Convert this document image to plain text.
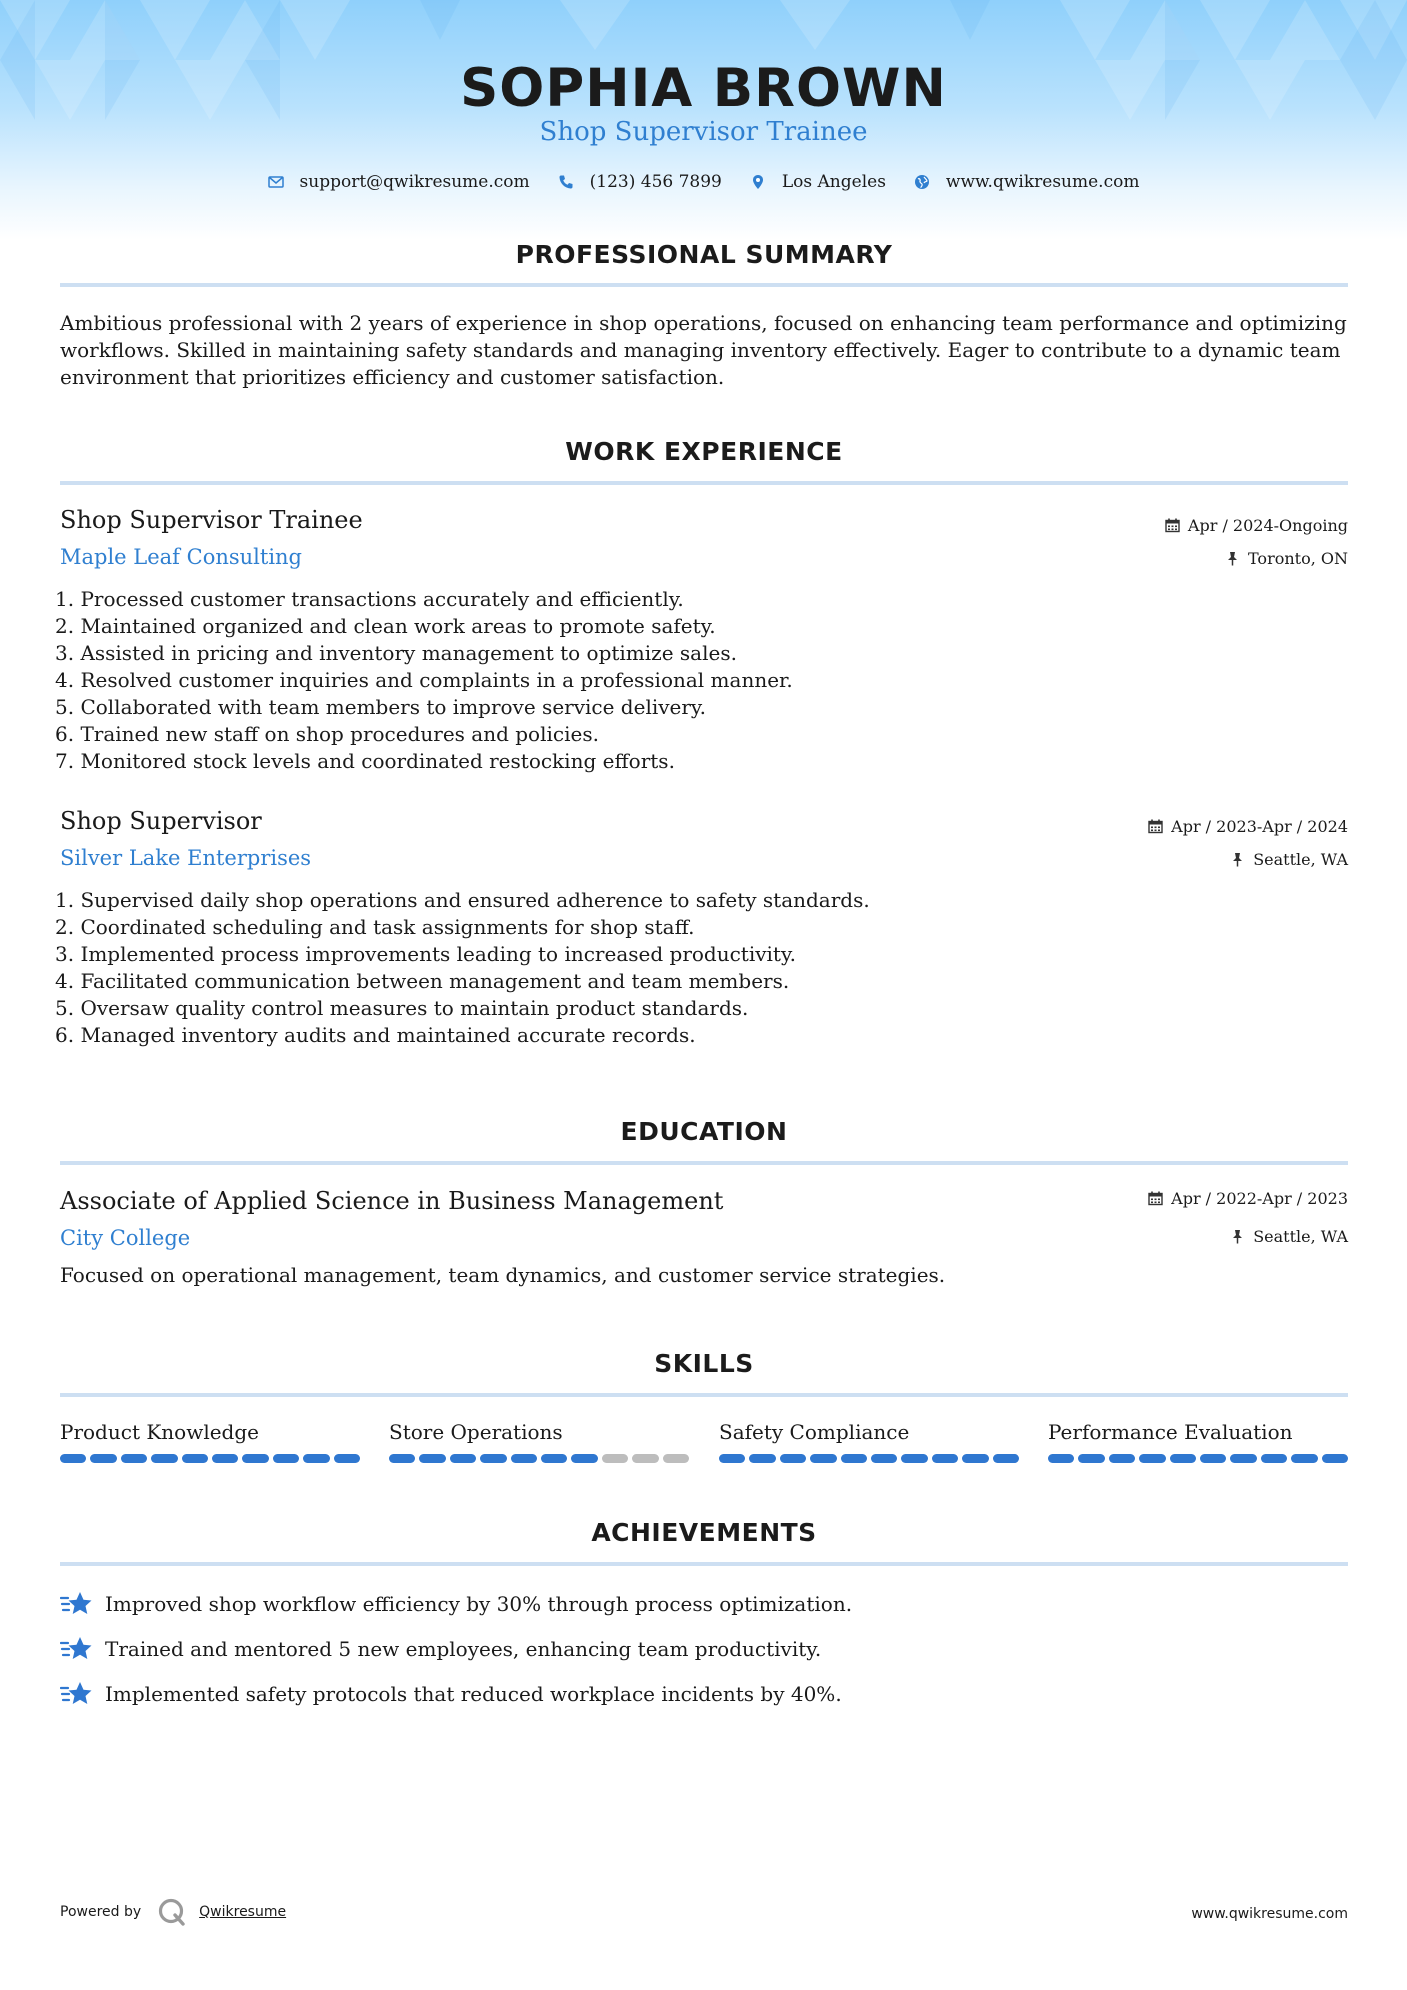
SOPHIA BROWN
Shop Supervisor Trainee
support@qwikresume.com	(123) 456 7899	Los Angeles	www.qwikresume.com
PROFESSIONAL SUMMARY
Ambitious professional with 2 years of experience in shop operations, focused on enhancing team performance and optimizing workflows. Skilled in maintaining safety standards and managing inventory effectively. Eager to contribute to a dynamic team environment that prioritizes efficiency and customer satisfaction.
WORK EXPERIENCE
Shop Supervisor Trainee
Maple Leaf Consulting
Apr / 2024-Ongoing
Toronto, ON
1. Processed customer transactions accurately and efficiently.
2. Maintained organized and clean work areas to promote safety.
3. Assisted in pricing and inventory management to optimize sales.
4. Resolved customer inquiries and complaints in a professional manner.
5. Collaborated with team members to improve service delivery.
6. Trained new staff on shop procedures and policies.
7. Monitored stock levels and coordinated restocking efforts.
Shop Supervisor
Silver Lake Enterprises
Apr / 2023-Apr / 2024
Seattle, WA
1. Supervised daily shop operations and ensured adherence to safety standards.
2. Coordinated scheduling and task assignments for shop staff.
3. Implemented process improvements leading to increased productivity.
4. Facilitated communication between management and team members.
5. Oversaw quality control measures to maintain product standards.
6. Managed inventory audits and maintained accurate records.
EDUCATION
Associate of Applied Science in Business Management
City College
Apr / 2022-Apr / 2023
Seattle, WA
Focused on operational management, team dynamics, and customer service strategies.
SKILLS
Product Knowledge	Store Operations	Safety Compliance	Performance Evaluation
ACHIEVEMENTS
Improved shop workflow efficiency by 30% through process optimization.
Trained and mentored 5 new employees, enhancing team productivity.
Implemented safety protocols that reduced workplace incidents by 40%.
Powered by	Qwikresume	www.qwikresume.com
